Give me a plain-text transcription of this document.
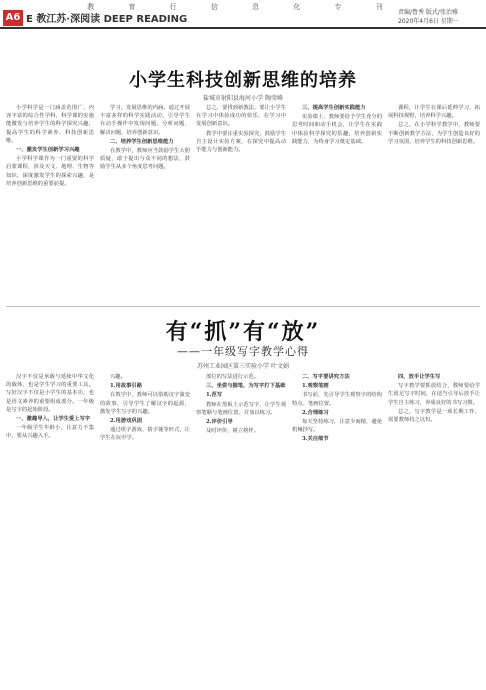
教 育 行 信 息 化 专 刊
A6 E 教江苏·深阅读 DEEP READING
责编/鲁秀 版式/张治雅
2020年4月6日 星期一
小学生科技创新思维的培养
盐城市射阳县海河小学 陶莹峰

小学科学是一门涵盖范围广、内容丰富的综合性学科，科学课的实施能激发与培养学生的科学探究兴趣，提高学生的科学素养，科技创新思维。

一、激发学生创新学习兴趣

小学科学课作为一门重要的科学启蒙课程，涉及天文、地理、生物等知识，深度激发学生的探索兴趣，是培养创新思维的重要前提。

学习，发展思维的内涵。通过开展丰富多样的科学实践活动，引导学生在动手操作中发现问题、分析问题、解决问题，培养创新意识。

二、培养学生创新思维能力

在教学中，教师应当鼓励学生大胆质疑，敢于提出与众不同的想法，鼓励学生从多个角度思考问题。

总之，要找到新教法，要让小学生在学习中体验成功的快乐，在学习中发展创新意识。

教学中要注重实验探究，鼓励学生自主设计实验方案，在探究中提高动手能力与创新能力。

三、提高学生创新实践能力

实验课上，教师要给予学生充分的思考时间和动手机会，让学生在实践中体验科学探究的乐趣，培养创新实践能力，为终身学习奠定基础。

课程，让学生在课后延伸学习，拓展科技视野，培养科学兴趣。

总之，在小学科学教学中，教师要不断创新教学方法，为学生创造良好的学习氛围，培养学生的科技创新思维。

有“抓”有“放”
——一年级写字教学心得
苏州工业园区第三实验小学 叶文娟

汉字不仅是承载与延续中华文化的载体，也是学生学习的重要工具。写好汉字不仅是小学生的基本功，也是语文素养的重要组成部分。一年级是写字的起始阶段。

一、激趣导入，让学生爱上写字

一年级学生年龄小，注意力不集中，要从兴趣入手。

兴趣。

1.用故事引路

在教学中，教师可以借助汉字演变的故事，引导学生了解汉字的起源，激发学生写字的兴趣。

2.用游戏巩固

通过组字游戏、猜字谜等形式，让学生在玩中学。

部位的写法进行示范。

三、坐姿与握笔，为写字打下基础

1.范写

教师在黑板上示范写字，让学生观察笔顺与笔画位置，并加以练习。

2.评价引导

及时评价，树立榜样。

二、写字要讲究方法

1.观察笔画

书写前，先引导学生观察字的结构特点、笔画位置。

2.合理练习

每天坚持练习，注意少而精，避免机械抄写。

3.关注细节

四、放手让学生写

写字教学要抓放结合，教师要给学生留足写字时间，在适当引导后放手让学生自主练习，养成良好的书写习惯。

总之，写字教学是一项长期工作，需要教师持之以恒。
